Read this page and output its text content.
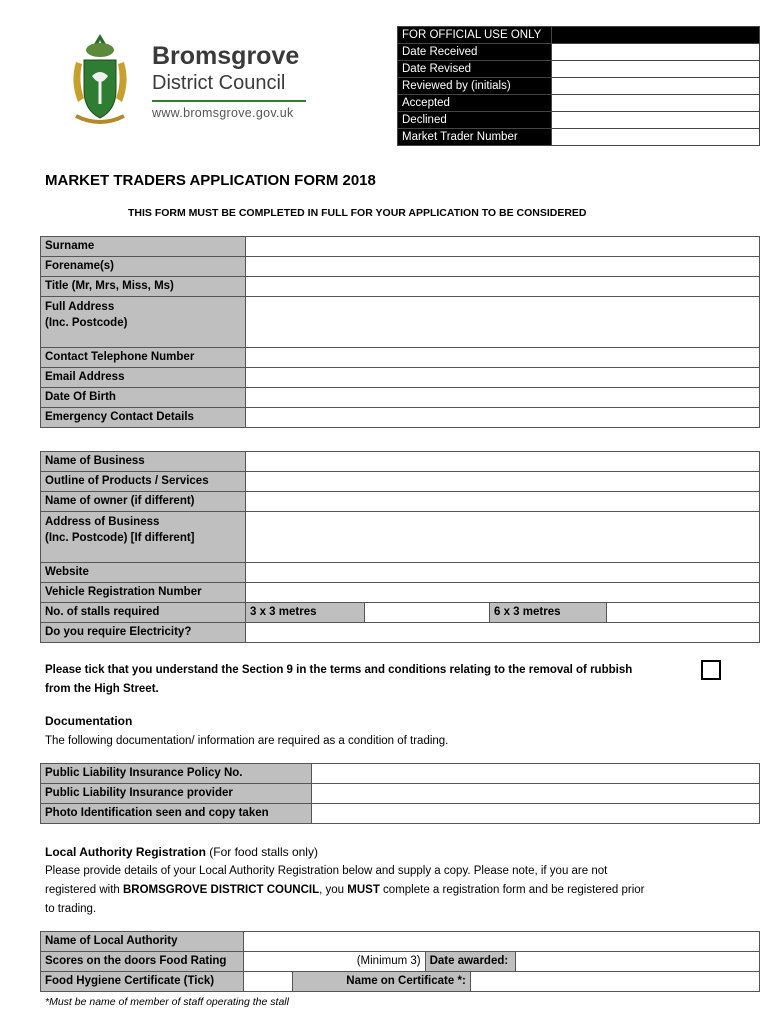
Bromsgrove
District Council
www.bromsgrove.gov.uk
FOR OFFICIAL USE ONLY	
Date Received	
Date Revised	
Reviewed by (initials)	
Accepted	
Declined	
Market Trader Number	
MARKET TRADERS APPLICATION FORM 2018
THIS FORM MUST BE COMPLETED IN FULL FOR YOUR APPLICATION TO BE CONSIDERED
Surname	
Forename(s)	
Title (Mr, Mrs, Miss, Ms)	

Full Address
(Inc. Postcode)	

Contact Telephone Number	
Email Address	
Date Of Birth	
Emergency Contact Details	
Name of Business				
Outline of Products / Services				
Name of owner (if different)				

Address of Business
(Inc. Postcode) [If different]				

Website				
Vehicle Registration Number				
No. of stalls required	3 x 3 metres		6 x 3 metres	
Do you require Electricity?				
Please tick that you understand the Section 9 in the terms and conditions relating to the removal of rubbish
from the High Street.
Documentation
The following documentation/ information are required as a condition of trading.
Public Liability Insurance Policy No.	
Public Liability Insurance provider	
Photo Identification seen and copy taken	
Local Authority Registration (For food stalls only)
Please provide details of your Local Authority Registration below and supply a copy. Please note, if you are not
registered with BROMSGROVE DISTRICT COUNCIL, you MUST complete a registration form and be registered prior
to trading.
Name of Local Authority					
Scores on the doors Food Rating	(Minimum 3)		Date awarded:		
Food Hygiene Certificate (Tick)		Name on Certificate *:			
*Must be name of member of staff operating the stall
